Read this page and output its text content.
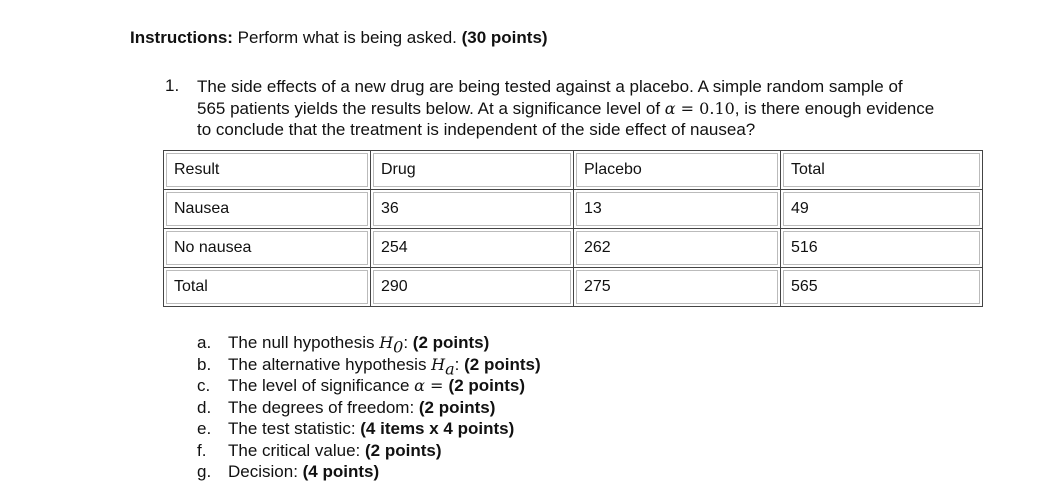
Instructions: Perform what is being asked. (30 points)
1. The side effects of a new drug are being tested against a placebo. A simple random sample of
565 patients yields the results below. At a significance level of α = 0.10, is there enough evidence
to conclude that the treatment is independent of the side effect of nausea?
Result	Drug	Placebo	Total
Nausea	36	13	49
No nausea	254	262	516
Total	290	275	565
a. The null hypothesis $H_0$: (2 points)
b. The alternative hypothesis $H_a$: (2 points)
c.	The level of significance α = (2 points)
d. The degrees of freedom: (2 points)
e. The test statistic: (4 items x 4 points)
f.	The critical value: (2 points)
g. Decision: (4 points)
